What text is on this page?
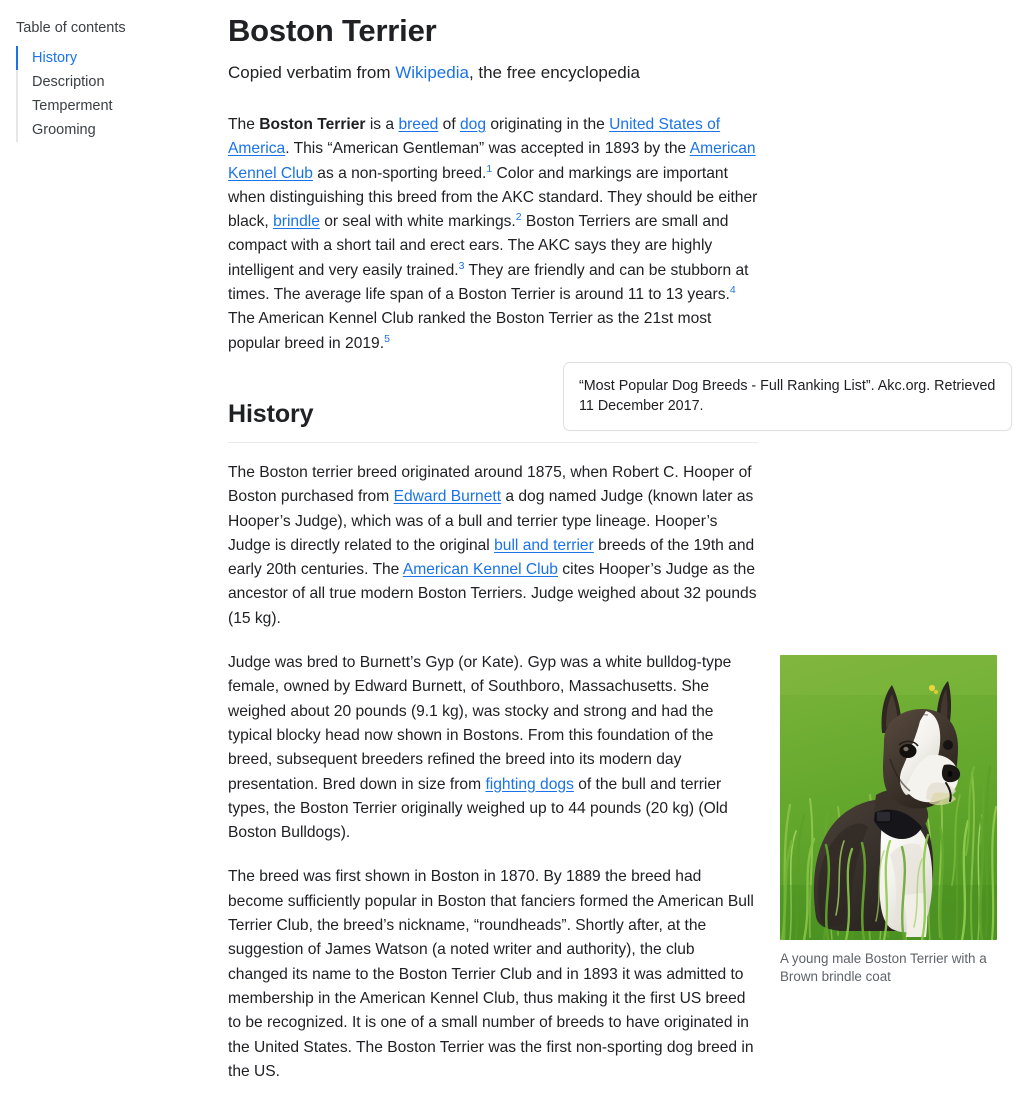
Table of contents
History
Description
Temperment
Grooming
Boston Terrier

Copied verbatim from Wikipedia, the free encyclopedia

The Boston Terrier is a breed of dog originating in the United States of America. This “American Gentleman” was accepted in 1893 by the American Kennel Club as a non-sporting breed.$^1$ Color and markings are important when distinguishing this breed from the AKC standard. They should be either black, brindle or seal with white markings.$^2$ Boston Terriers are small and compact with a short tail and erect ears. The AKC says they are highly intelligent and very easily trained.$^3$ They are friendly and can be stubborn at times. The average life span of a Boston Terrier is around 11 to 13 years.$^4$ The American Kennel Club ranked the Boston Terrier as the 21st most popular breed in 2019.$^5$

History

The Boston terrier breed originated around 1875, when Robert C. Hooper of Boston purchased from Edward Burnett a dog named Judge (known later as Hooper’s Judge), which was of a bull and terrier type lineage. Hooper’s Judge is directly related to the original bull and terrier breeds of the 19th and early 20th centuries. The American Kennel Club cites Hooper’s Judge as the ancestor of all true modern Boston Terriers. Judge weighed about 32 pounds (15 kg).

Judge was bred to Burnett’s Gyp (or Kate). Gyp was a white bulldog-type female, owned by Edward Burnett, of Southboro, Massachusetts. She weighed about 20 pounds (9.1 kg), was stocky and strong and had the typical blocky head now shown in Bostons. From this foundation of the breed, subsequent breeders refined the breed into its modern day presentation. Bred down in size from fighting dogs of the bull and terrier types, the Boston Terrier originally weighed up to 44 pounds (20 kg) (Old Boston Bulldogs).

The breed was first shown in Boston in 1870. By 1889 the breed had become sufficiently popular in Boston that fanciers formed the American Bull Terrier Club, the breed’s nickname, “roundheads”. Shortly after, at the suggestion of James Watson (a noted writer and authority), the club changed its name to the Boston Terrier Club and in 1893 it was admitted to membership in the American Kennel Club, thus making it the first US breed to be recognized. It is one of a small number of breeds to have originated in the United States. The Boston Terrier was the first non-sporting dog breed in the US.

“Most Popular Dog Breeds - Full Ranking List”. Akc.org. Retrieved 11 December 2017.
A young male Boston Terrier with a Brown brindle coat
